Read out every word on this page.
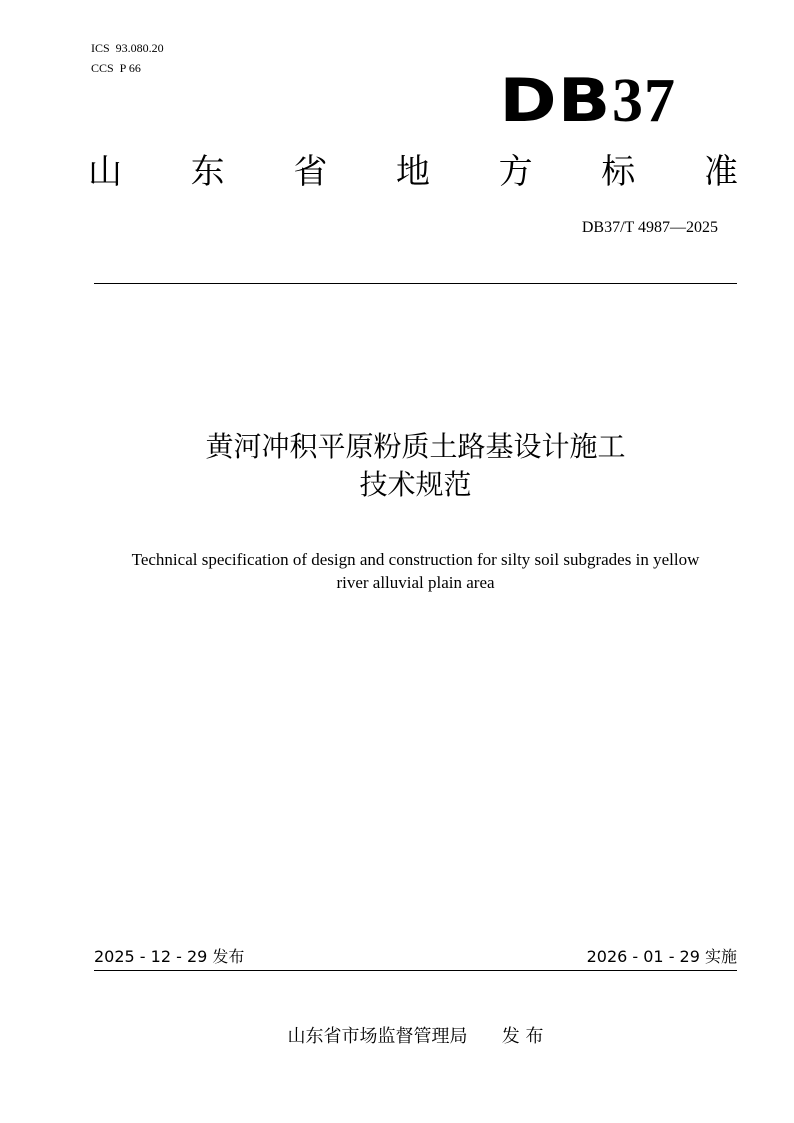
ICS  93.080.20
CCS  P 66	DB37
山 东 省 地 方 标 准
DB37/T 4987—2025
黄河冲积平原粉质土路基设计施工
技术规范
Technical specification of design and construction for silty soil subgrades in yellow
river alluvial plain area
2025 - 12 - 29 发布	2026 - 01 - 29 实施
山东省市场监督管理局      发 布
